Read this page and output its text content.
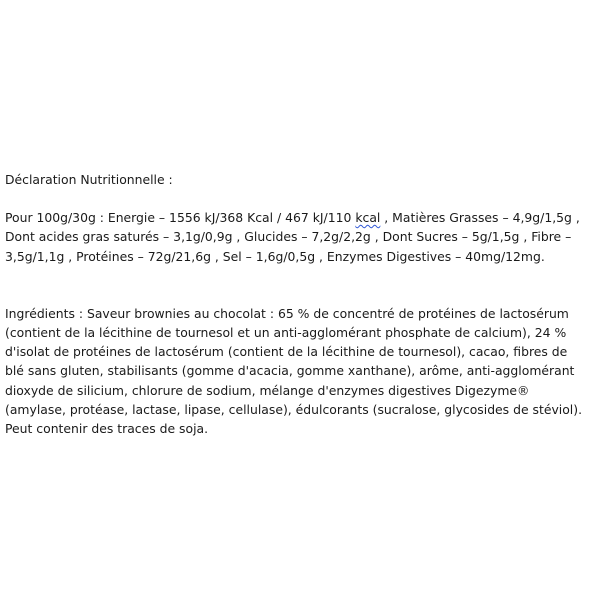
Déclaration Nutritionnelle :

Pour 100g/30g : Energie – 1556 kJ/368 Kcal / 467 kJ/110 kcal , Matières Grasses – 4,9g/1,5g , Dont acides gras saturés – 3,1g/0,9g , Glucides – 7,2g/2,2g , Dont Sucres – 5g/1,5g , Fibre – 3,5g/1,1g , Protéines – 72g/21,6g , Sel – 1,6g/0,5g , Enzymes Digestives – 40mg/12mg.

Ingrédients : Saveur brownies au chocolat : 65 % de concentré de protéines de lactosérum (contient de la lécithine de tournesol et un anti-agglomérant phosphate de calcium), 24 % d'isolat de protéines de lactosérum (contient de la lécithine de tournesol), cacao, fibres de blé sans gluten, stabilisants (gomme d'acacia, gomme xanthane), arôme, anti-agglomérant dioxyde de silicium, chlorure de sodium, mélange d'enzymes digestives Digezyme® (amylase, protéase, lactase, lipase, cellulase), édulcorants (sucralose, glycosides de stéviol). Peut contenir des traces de soja.
